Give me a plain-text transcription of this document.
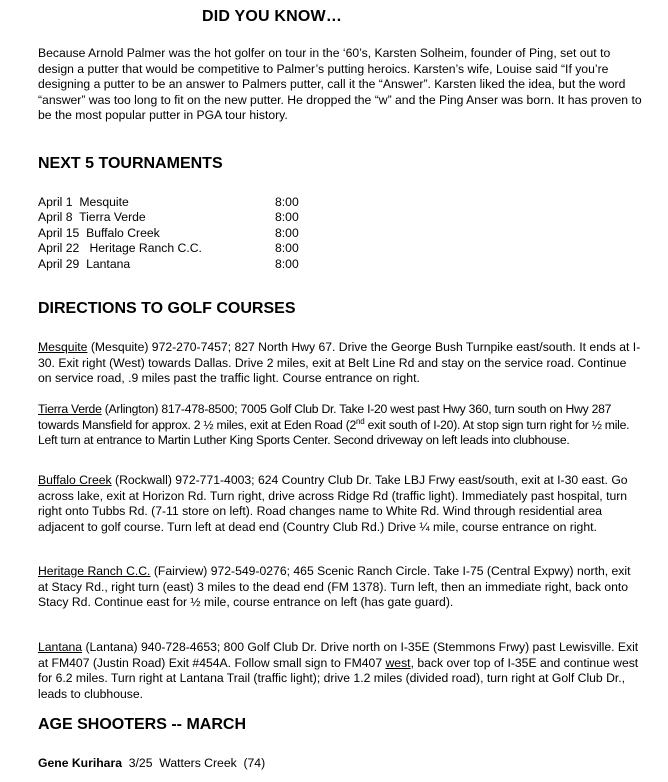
DID YOU KNOW…

Because Arnold Palmer was the hot golfer on tour in the ‘60’s, Karsten Solheim, founder of Ping, set out to design a putter that would be competitive to Palmer’s putting heroics. Karsten’s wife, Louise said “If you’re designing a putter to be an answer to Palmers putter, call it the “Answer”. Karsten liked the idea, but the word “answer” was too long to fit on the new putter. He dropped the “w” and the Ping Anser was born. It has proven to be the most popular putter in PGA tour history.

NEXT 5 TOURNAMENTS
April 1  Mesquite	8:00
April 8  Tierra Verde	8:00
April 15  Buffalo Creek	8:00
April 22   Heritage Ranch C.C.	8:00
April 29  Lantana	8:00
DIRECTIONS TO GOLF COURSES

Mesquite (Mesquite) 972-270-7457; 827 North Hwy 67. Drive the George Bush Turnpike east/south. It ends at I-30. Exit right (West) towards Dallas. Drive 2 miles, exit at Belt Line Rd and stay on the service road. Continue on service road, .9 miles past the traffic light. Course entrance on right.

Tierra Verde (Arlington) 817-478-8500; 7005 Golf Club Dr. Take I-20 west past Hwy 360, turn south on Hwy 287 towards Mansfield for approx. 2 ½ miles, exit at Eden Road (2nd exit south of I-20). At stop sign turn right for ½ mile. Left turn at entrance to Martin Luther King Sports Center. Second driveway on left leads into clubhouse.

Buffalo Creek (Rockwall) 972-771-4003; 624 Country Club Dr. Take LBJ Frwy east/south, exit at I-30 east. Go across lake, exit at Horizon Rd. Turn right, drive across Ridge Rd (traffic light). Immediately past hospital, turn right onto Tubbs Rd. (7-11 store on left). Road changes name to White Rd. Wind through residential area adjacent to golf course. Turn left at dead end (Country Club Rd.) Drive ¼ mile, course entrance on right.

Heritage Ranch C.C. (Fairview) 972-549-0276; 465 Scenic Ranch Circle. Take I-75 (Central Expwy) north, exit at Stacy Rd., right turn (east) 3 miles to the dead end (FM 1378). Turn left, then an immediate right, back onto Stacy Rd. Continue east for ½ mile, course entrance on left (has gate guard).

Lantana (Lantana) 940-728-4653; 800 Golf Club Dr. Drive north on I-35E (Stemmons Frwy) past Lewisville. Exit at FM407 (Justin Road) Exit #454A. Follow small sign to FM407 west, back over top of I-35E and continue west for 6.2 miles. Turn right at Lantana Trail (traffic light); drive 1.2 miles (divided road), turn right at Golf Club Dr., leads to clubhouse.

AGE SHOOTERS -- MARCH
Gene Kurihara  3/25  Watters Creek  (74)
